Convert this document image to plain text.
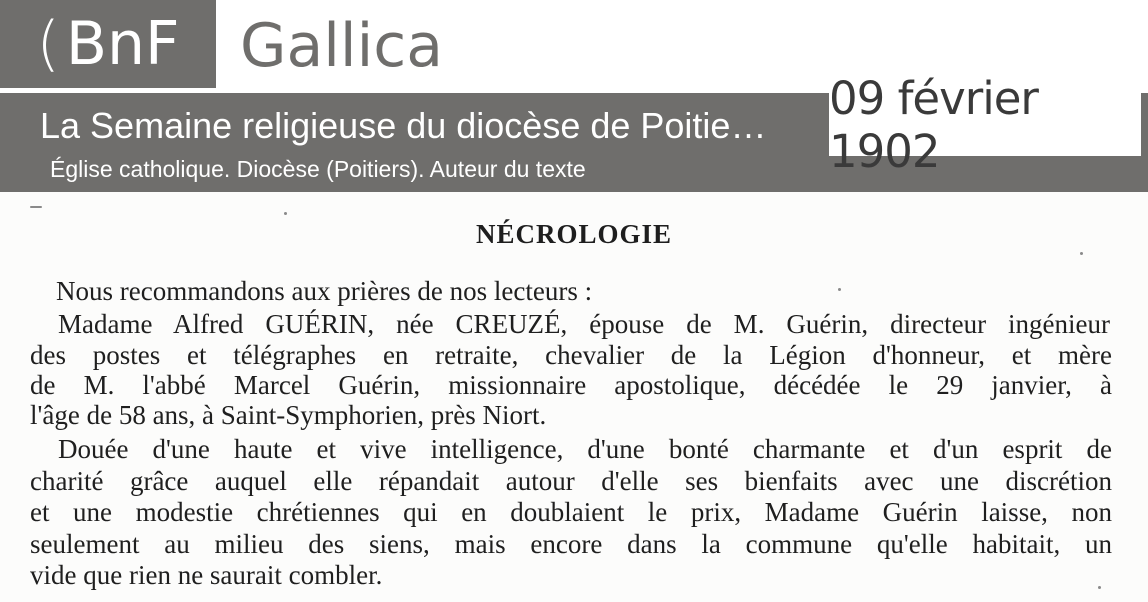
( BnF Gallica
La Semaine religieuse du diocèse de Poitie…
Église catholique. Diocèse (Poitiers). Auteur du texte
09 février 1902
NÉCROLOGIE
Nous recommandons aux prières de nos lecteurs :
Madame Alfred GUÉRIN, née CREUZÉ, épouse de M. Guérin, directeur ingénieur
des postes et télégraphes en retraite, chevalier de la Légion d'honneur, et mère
de M. l'abbé Marcel Guérin, missionnaire apostolique, décédée le 29 janvier, à
l'âge de 58 ans, à Saint-Symphorien, près Niort.
Douée d'une haute et vive intelligence, d'une bonté charmante et d'un esprit de
charité grâce auquel elle répandait autour d'elle ses bienfaits avec une discrétion
et une modestie chrétiennes qui en doublaient le prix, Madame Guérin laisse, non
seulement au milieu des siens, mais encore dans la commune qu'elle habitait, un
vide que rien ne saurait combler.
